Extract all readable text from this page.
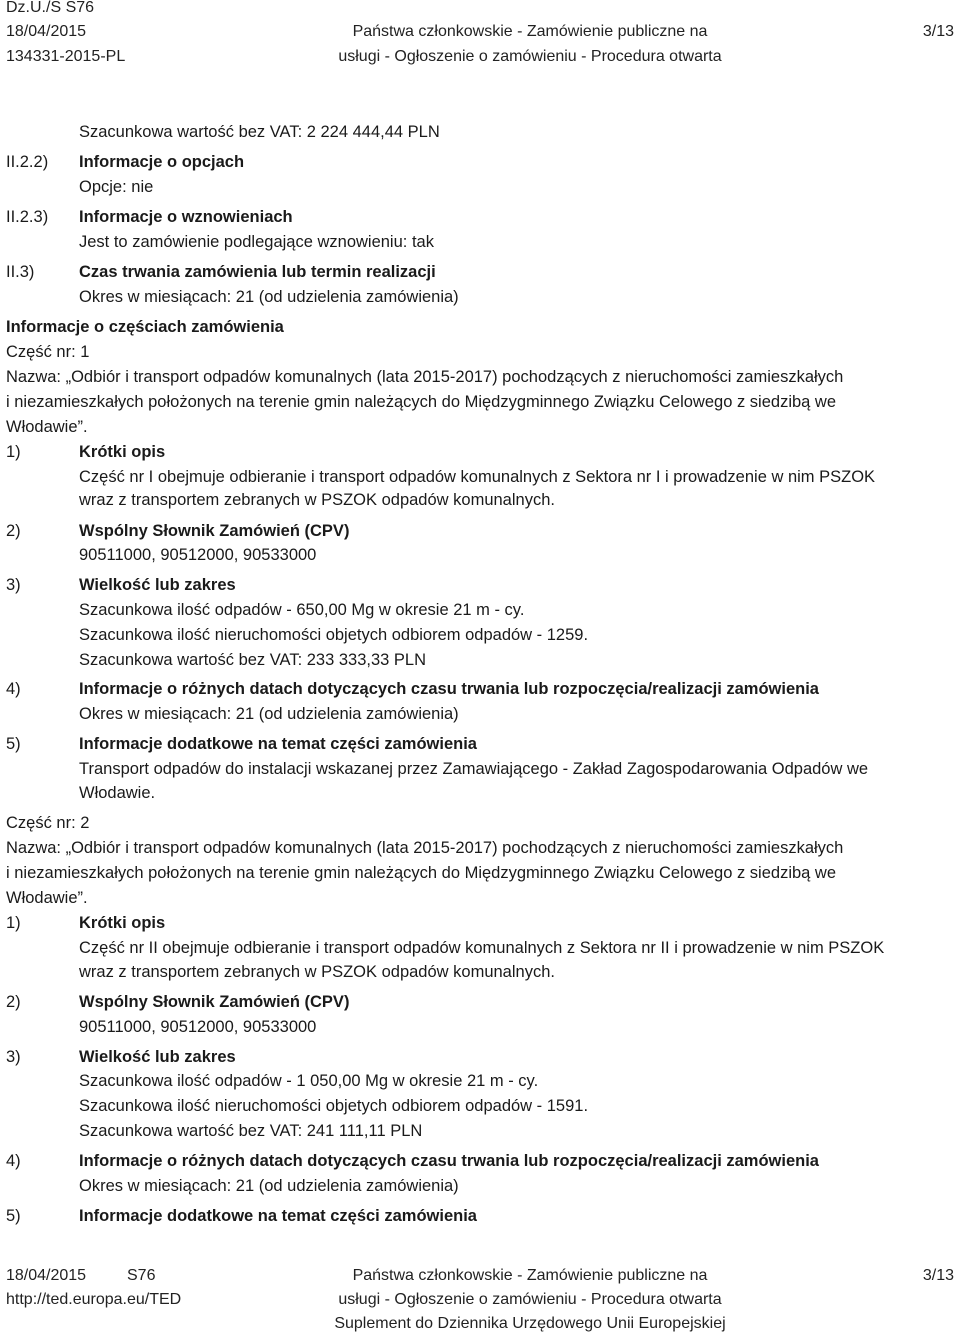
Dz.U./S S76
18/04/2015
134331-2015-PL
Państwa członkowskie - Zamówienie publiczne na
usługi - Ogłoszenie o zamówieniu - Procedura otwarta
3/13
Szacunkowa wartość bez VAT: 2 224 444,44 PLN
II.2.2) Informacje o opcjach
Opcje: nie
II.2.3) Informacje o wznowieniach
Jest to zamówienie podlegające wznowieniu: tak
II.3)	Czas trwania zamówienia lub termin realizacji
Okres w miesiącach: 21 (od udzielenia zamówienia)
Informacje o częściach zamówienia
Część nr: 1
Nazwa: „Odbiór i transport odpadów komunalnych (lata 2015-2017) pochodzących z nieruchomości zamieszkałych
i niezamieszkałych położonych na terenie gmin należących do Międzygminnego Związku Celowego z siedzibą we
Włodawie”.
1)	Krótki opis
Część nr I obejmuje odbieranie i transport odpadów komunalnych z Sektora nr I i prowadzenie w nim PSZOK
wraz z transportem zebranych w PSZOK odpadów komunalnych.
2)	Wspólny Słownik Zamówień (CPV)
90511000, 90512000, 90533000
3)	Wielkość lub zakres
Szacunkowa ilość odpadów - 650,00 Mg w okresie 21 m - cy.
Szacunkowa ilość nieruchomości objetych odbiorem odpadów - 1259.
Szacunkowa wartość bez VAT: 233 333,33 PLN
4)	Informacje o różnych datach dotyczących czasu trwania lub rozpoczęcia/realizacji zamówienia
Okres w miesiącach: 21 (od udzielenia zamówienia)
5)	Informacje dodatkowe na temat części zamówienia
Transport odpadów do instalacji wskazanej przez Zamawiającego - Zakład Zagospodarowania Odpadów we
Włodawie.
Część nr: 2
Nazwa: „Odbiór i transport odpadów komunalnych (lata 2015-2017) pochodzących z nieruchomości zamieszkałych
i niezamieszkałych położonych na terenie gmin należących do Międzygminnego Związku Celowego z siedzibą we
Włodawie”.
1)	Krótki opis
Część nr II obejmuje odbieranie i transport odpadów komunalnych z Sektora nr II i prowadzenie w nim PSZOK
wraz z transportem zebranych w PSZOK odpadów komunalnych.
2)	Wspólny Słownik Zamówień (CPV)
90511000, 90512000, 90533000
3)	Wielkość lub zakres
Szacunkowa ilość odpadów - 1 050,00 Mg w okresie 21 m - cy.
Szacunkowa ilość nieruchomości objetych odbiorem odpadów - 1591.
Szacunkowa wartość bez VAT: 241 111,11 PLN
4)	Informacje o różnych datach dotyczących czasu trwania lub rozpoczęcia/realizacji zamówienia
Okres w miesiącach: 21 (od udzielenia zamówienia)
5)	Informacje dodatkowe na temat części zamówienia
18/04/2015	S76
http://ted.europa.eu/TED
Państwa członkowskie - Zamówienie publiczne na
usługi - Ogłoszenie o zamówieniu - Procedura otwarta
Suplement do Dziennika Urzędowego Unii Europejskiej
3/13
